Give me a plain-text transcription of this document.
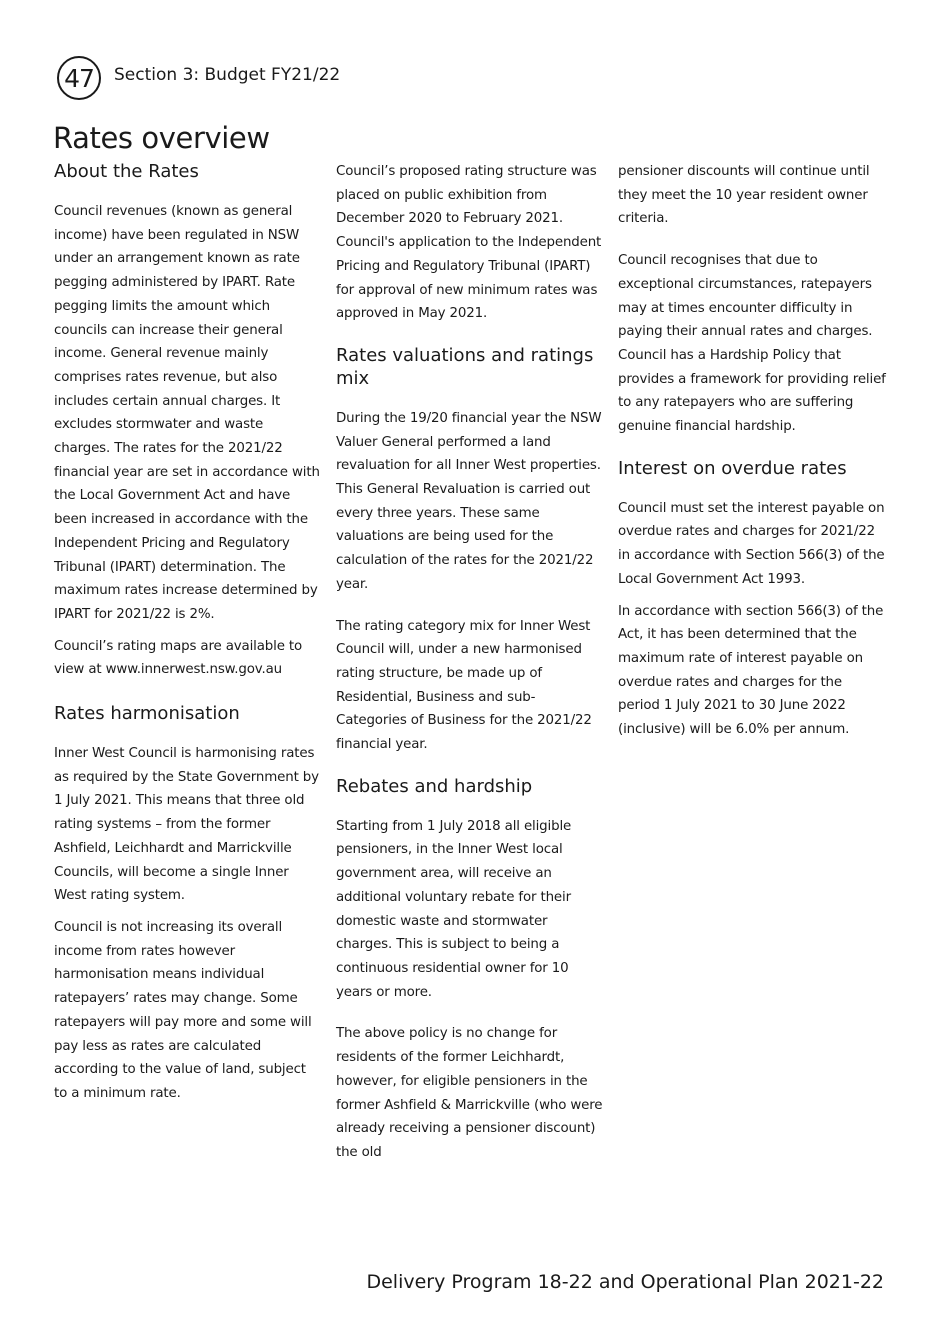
47 Section 3: Budget FY21/22
Rates overview
About the Rates

Council revenues (known as general income) have been regulated in NSW under an arrangement known as rate pegging administered by IPART. Rate pegging limits the amount which councils can increase their general income. General revenue mainly comprises rates revenue, but also includes certain annual charges. It excludes stormwater and waste charges. The rates for the 2021/22 financial year are set in accordance with the Local Government Act and have been increased in accordance with the Independent Pricing and Regulatory Tribunal (IPART) determination. The maximum rates increase determined by IPART for 2021/22 is 2%.

Council’s rating maps are available to view at www.innerwest.nsw.gov.au

Rates harmonisation

Inner West Council is harmonising rates as required by the State Government by 1 July 2021. This means that three old rating systems – from the former Ashfield, Leichhardt and Marrickville Councils, will become a single Inner West rating system.

Council is not increasing its overall income from rates however harmonisation means individual ratepayers’ rates may change. Some ratepayers will pay more and some will pay less as rates are calculated according to the value of land, subject to a minimum rate.

Council’s proposed rating structure was placed on public exhibition from December 2020 to February 2021. Council's application to the Independent Pricing and Regulatory Tribunal (IPART) for approval of new minimum rates was approved in May 2021.

Rates valuations and ratings mix

During the 19/20 financial year the NSW Valuer General performed a land revaluation for all Inner West properties. This General Revaluation is carried out every three years. These same valuations are being used for the calculation of the rates for the 2021/22 year.

The rating category mix for Inner West Council will, under a new harmonised rating structure, be made up of Residential, Business and sub-Categories of Business for the 2021/22 financial year.

Rebates and hardship

Starting from 1 July 2018 all eligible pensioners, in the Inner West local government area, will receive an additional voluntary rebate for their domestic waste and stormwater charges. This is subject to being a continuous residential owner for 10 years or more.

The above policy is no change for residents of the former Leichhardt, however, for eligible pensioners in the former Ashfield & Marrickville (who were already receiving a pensioner discount) the old

pensioner discounts will continue until they meet the 10 year resident owner criteria.

Council recognises that due to exceptional circumstances, ratepayers may at times encounter difficulty in paying their annual rates and charges. Council has a Hardship Policy that provides a framework for providing relief to any ratepayers who are suffering genuine financial hardship.

Interest on overdue rates

Council must set the interest payable on overdue rates and charges for 2021/22 in accordance with Section 566(3) of the Local Government Act 1993.

In accordance with section 566(3) of the Act, it has been determined that the maximum rate of interest payable on overdue rates and charges for the period 1 July 2021 to 30 June 2022 (inclusive) will be 6.0% per annum.

Delivery Program 18-22 and Operational Plan 2021-22
